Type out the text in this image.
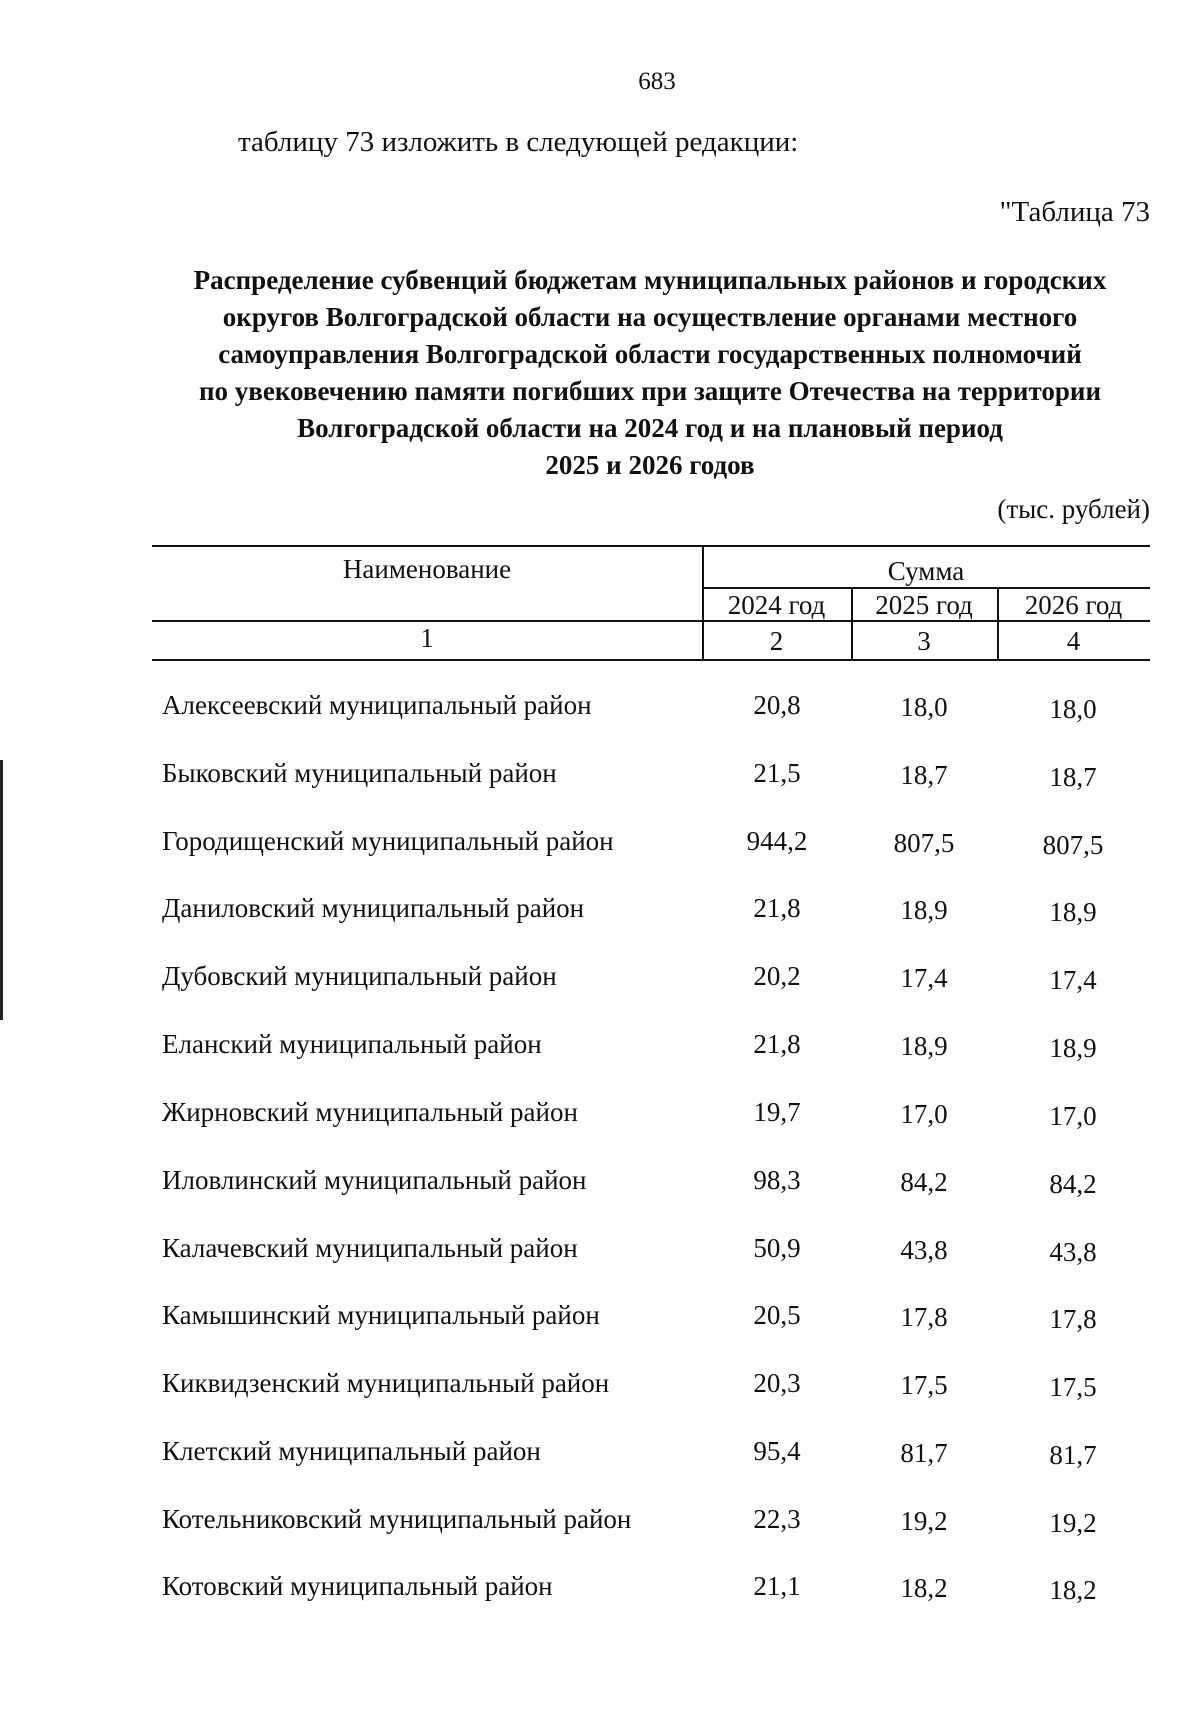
683
таблицу 73 изложить в следующей редакции:
"Таблица 73
Распределение субвенций бюджетам муниципальных районов и городских
округов Волгоградской области на осуществление органами местного
самоуправления Волгоградской области государственных полномочий
по увековечению памяти погибших при защите Отечества на территории
Волгоградской области на 2024 год и на плановый период
2025 и 2026 годов
(тыс. рублей)
Наименование	Сумма
2024 год	2025 год	2026 год
1	2	3	4
Алексеевский муниципальный район	20,8	18,0	18,0
Быковский муниципальный район	21,5	18,7	18,7
Городищенский муниципальный район	944,2	807,5	807,5
Даниловский муниципальный район	21,8	18,9	18,9
Дубовский муниципальный район	20,2	17,4	17,4
Еланский муниципальный район	21,8	18,9	18,9
Жирновский муниципальный район	19,7	17,0	17,0
Иловлинский муниципальный район	98,3	84,2	84,2
Калачевский муниципальный район	50,9	43,8	43,8
Камышинский муниципальный район	20,5	17,8	17,8
Киквидзенский муниципальный район	20,3	17,5	17,5
Клетский муниципальный район	95,4	81,7	81,7
Котельниковский муниципальный район	22,3	19,2	19,2
Котовский муниципальный район	21,1	18,2	18,2
